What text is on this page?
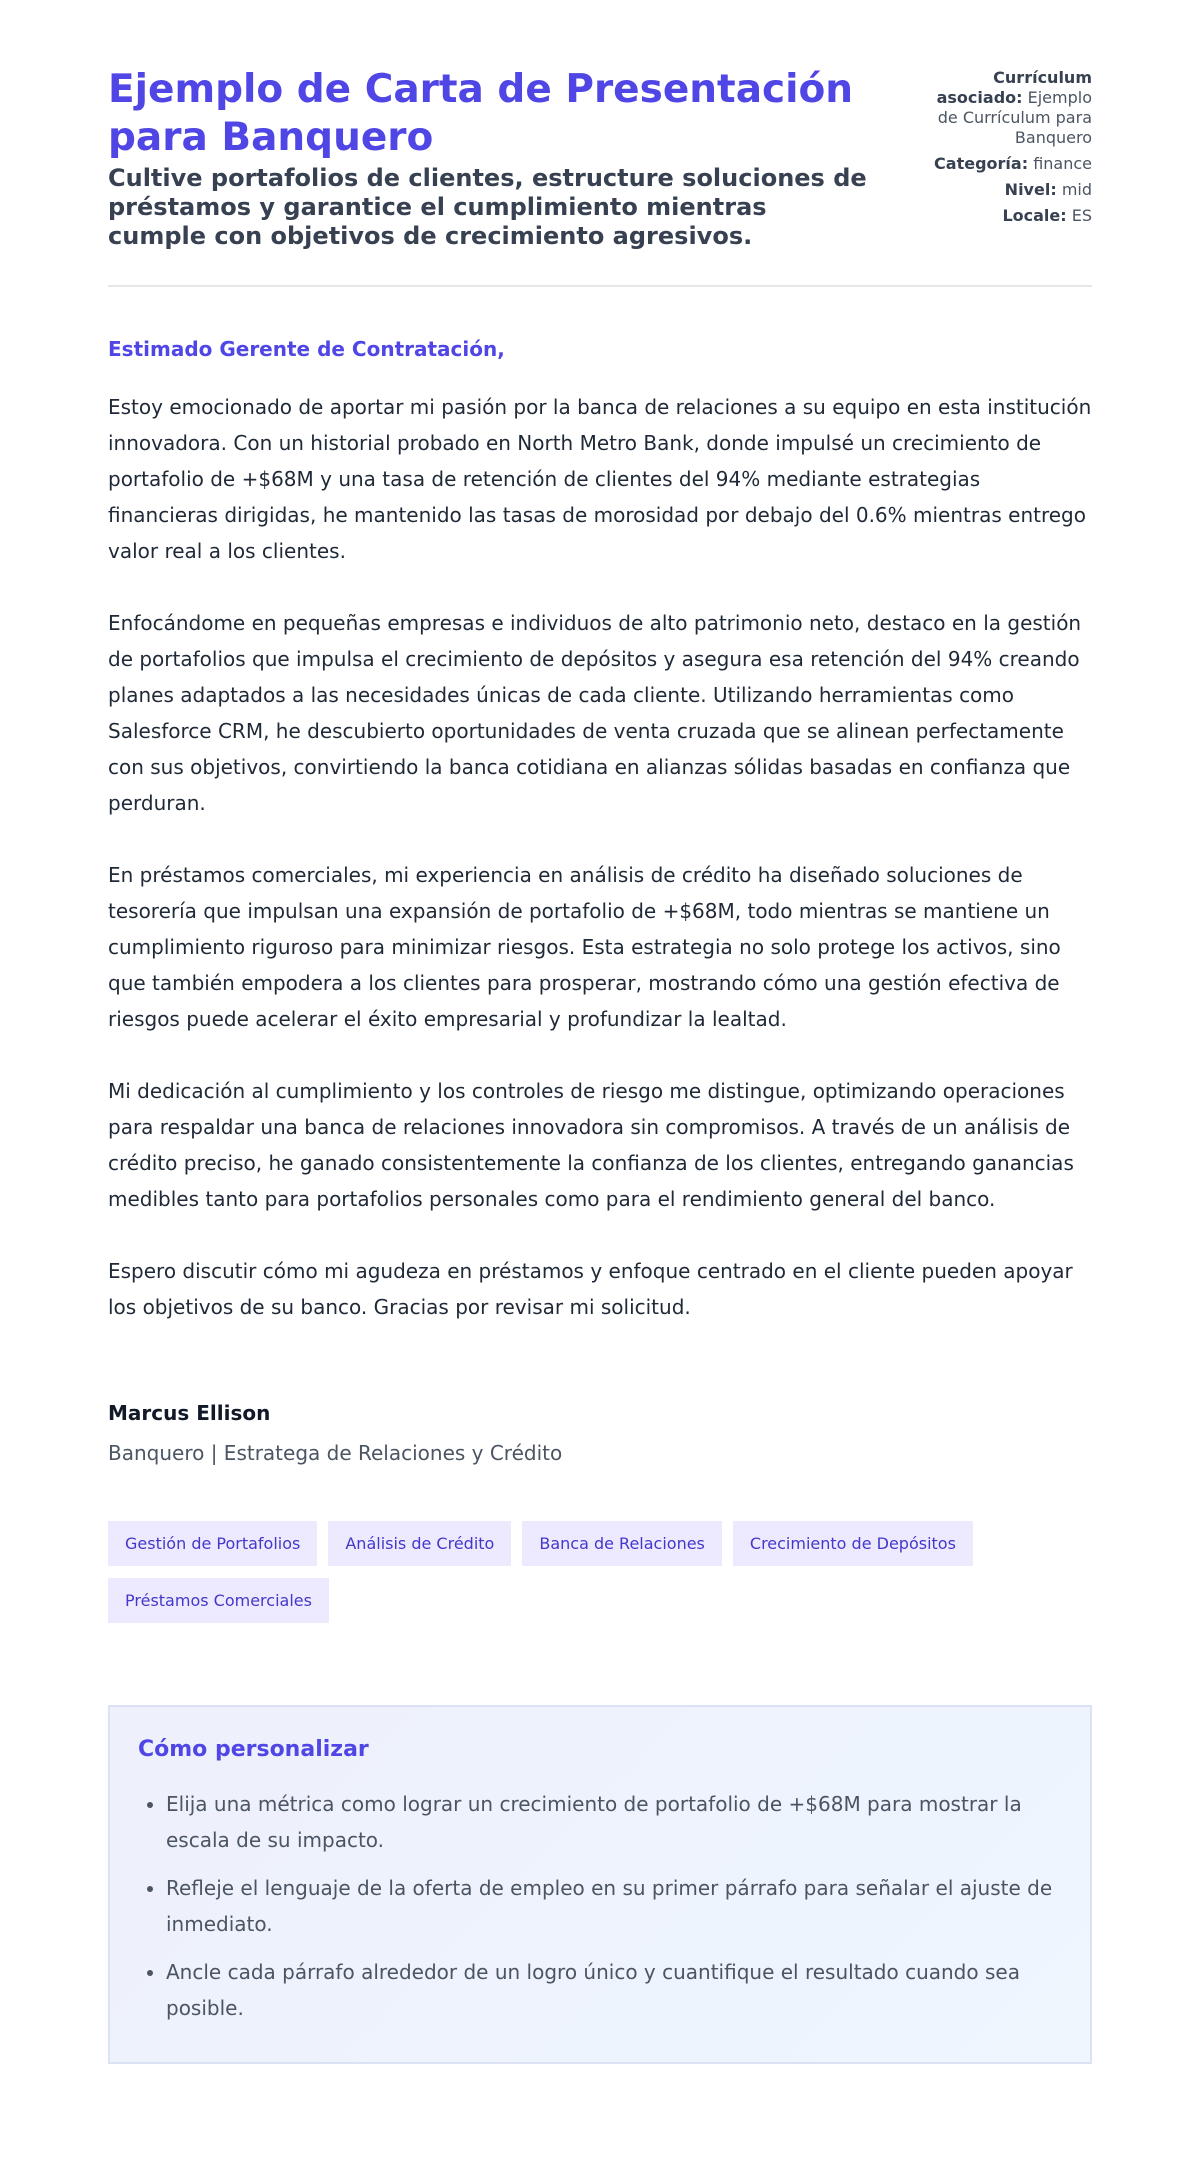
Ejemplo de Carta de Presentación para Banquero
Cultive portafolios de clientes, estructure soluciones de préstamos y garantice el cumplimiento mientras cumple con objetivos de crecimiento agresivos.
Currículum asociado: Ejemplo de Currículum para Banquero
Categoría: finance
Nivel: mid
Locale: ES
Estimado Gerente de Contratación,

Estoy emocionado de aportar mi pasión por la banca de relaciones a su equipo en esta institución innovadora. Con un historial probado en North Metro Bank, donde impulsé un crecimiento de portafolio de +$68M y una tasa de retención de clientes del 94% mediante estrategias financieras dirigidas, he mantenido las tasas de morosidad por debajo del 0.6% mientras entrego valor real a los clientes.

Enfocándome en pequeñas empresas e individuos de alto patrimonio neto, destaco en la gestión de portafolios que impulsa el crecimiento de depósitos y asegura esa retención del 94% creando planes adaptados a las necesidades únicas de cada cliente. Utilizando herramientas como Salesforce CRM, he descubierto oportunidades de venta cruzada que se alinean perfectamente con sus objetivos, convirtiendo la banca cotidiana en alianzas sólidas basadas en confianza que perduran.

En préstamos comerciales, mi experiencia en análisis de crédito ha diseñado soluciones de tesorería que impulsan una expansión de portafolio de +$68M, todo mientras se mantiene un cumplimiento riguroso para minimizar riesgos. Esta estrategia no solo protege los activos, sino que también empodera a los clientes para prosperar, mostrando cómo una gestión efectiva de riesgos puede acelerar el éxito empresarial y profundizar la lealtad.

Mi dedicación al cumplimiento y los controles de riesgo me distingue, optimizando operaciones para respaldar una banca de relaciones innovadora sin compromisos. A través de un análisis de crédito preciso, he ganado consistentemente la confianza de los clientes, entregando ganancias medibles tanto para portafolios personales como para el rendimiento general del banco.

Espero discutir cómo mi agudeza en préstamos y enfoque centrado en el cliente pueden apoyar los objetivos de su banco. Gracias por revisar mi solicitud.

Marcus Ellison
Banquero | Estratega de Relaciones y Crédito
Gestión de Portafolios	Análisis de Crédito	Banca de Relaciones	Crecimiento de Depósitos
Préstamos Comerciales
Cómo personalizar
• Elija una métrica como lograr un crecimiento de portafolio de +$68M para mostrar la escala de su impacto.
• Refleje el lenguaje de la oferta de empleo en su primer párrafo para señalar el ajuste de inmediato.
• Ancle cada párrafo alrededor de un logro único y cuantifique el resultado cuando sea posible.
